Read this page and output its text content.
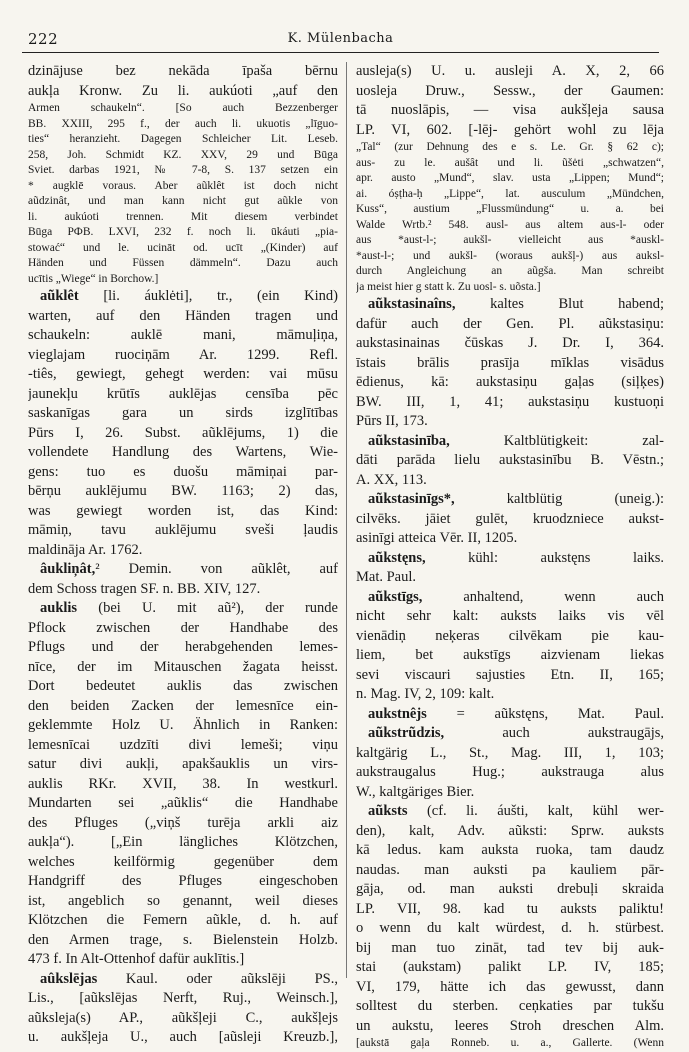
222	K. Mülenbacha
dzinājuse bez nekāda īpaša bērnu
aukļa Kronw. Zu li. aukúoti „auf den
Armen schaukeln“. [So auch Bezzenberger
BB. XXIII, 295 f., der auch li. ukuotis „līguo-
ties“ heranzieht. Dagegen Schleicher Lit. Leseb.
258, Joh. Schmidt KZ. XXV, 29 und Būga
Sviet. darbas 1921, № 7-8, S. 137 setzen ein
* augklē voraus. Aber aũklêt ist doch nicht
aũdzinât, und man kann nicht gut aũkle von
li. aukúoti trennen. Mit diesem verbindet
Būga РФВ. LXVI, 232 f. noch li. ūkáuti „pia-
stować“ und le. ucināt od. ucīt „(Kinder) auf
Händen und Füssen dämmeln“. Dazu auch
ucītis „Wiege“ in Borchow.]
aũklêt [li. áuklėti], tr., (ein Kind)
warten, auf den Händen tragen und
schaukeln: auklē mani, māmuļiņa,
vieglajam ruociņām Ar. 1299. Refl.
-tiês, gewiegt, gehegt werden: vai mūsu
jaunekļu krūtīs auklējas censība pēc
saskanīgas gara un sirds izglītības
Pūrs I, 26. Subst. aũklējums, 1) die
vollendete Handlung des Wartens, Wie-
gens: tuo es duošu māmiņai par-
bērņu auklējumu BW. 1163; 2) das,
was gewiegt worden ist, das Kind:
māmiņ, tavu auklējumu sveši ļaudis
maldināja Ar. 1762.
âukliņât,² Demin. von aũklêt, auf
dem Schoss tragen SF. n. BB. XIV, 127.
auklis (bei U. mit aũ²), der runde
Pflock zwischen der Handhabe des
Pflugs und der herabgehenden lemes-
nīce, der im Mitauschen žagata heisst.
Dort bedeutet auklis das zwischen
den beiden Zacken der lemesnīce ein-
geklemmte Holz U. Ähnlich in Ranken:
lemesnīcai uzdzīti divi lemeši; viņu
satur divi aukļi, apakšauklis un virs-
auklis RKr. XVII, 38. In westkurl.
Mundarten sei „aũklis“ die Handhabe
des Pfluges („viņš turēja arkli aiz
aukļa“). [„Ein längliches Klötzchen,
welches keilförmig gegenüber dem
Handgriff des Pfluges eingeschoben
ist, angeblich so genannt, weil dieses
Klötzchen die Femern aũkle, d. h. auf
den Armen trage, s. Bielenstein Holzb.
473 f. In Alt-Ottenhof dafür auklītis.]
aûkslējas Kaul. oder aũkslēji PS.,
Lis., [aũkslējas Nerft, Ruj., Weinsch.],
aũksleja(s) AP., aũkšļeji C., aukšļejs
u. aukšļeja U., auch [aũsleji Kreuzb.],
ausleja(s) U. u. ausleji A. X, 2, 66
uosleja Druw., Sessw., der Gaumen:
tā nuoslāpis, — visa aukšļeja sausa
LP. VI, 602. [-lēj- gehört wohl zu lēja
„Tal“ (zur Dehnung des e s. Le. Gr. § 62 c);
aus- zu le. aušât und li. ũšėti „schwatzen“,
apr. austo „Mund“, slav. usta „Lippen; Mund“;
ai. óṣṭha-ḥ „Lippe“, lat. ausculum „Mündchen,
Kuss“, austium „Flussmündung“ u. a. bei
Walde Wrtb.² 548. ausl- aus altem aus-l- oder
aus *aust-l-; aukšl- vielleicht aus *auskl-
*aust-l-; und aukšl- (woraus aukšļ-) aus auksl-
durch Angleichung an aũgša. Man schreibt
ja meist hier g statt k. Zu uosl- s. uõsta.]
aũkstasinaîns, kaltes Blut habend;
dafür auch der Gen. Pl. aũkstasiņu:
aukstasinainas čūskas J. Dr. I, 364.
īstais brālis prasīja mīklas visādus
ēdienus, kā: aukstasiņu gaļas (siļķes)
BW. III, 1, 41; aukstasiņu kustuoņi
Pūrs II, 173.
aũkstasinība, Kaltblütigkeit: zal-
dāti parāda lielu aukstasinību B. Vēstn.;
A. XX, 113.
aũkstasinīgs*, kaltblütig (uneig.):
cilvēks. jāiet gulēt, kruodzniece aukst-
asinīgi atteica Vēr. II, 1205.
aũkstęns, kühl: aukstęns laiks.
Mat. Paul.
aũkstīgs, anhaltend, wenn auch
nicht sehr kalt: auksts laiks vis vēl
vienādiņ neķeras cilvēkam pie kau-
liem, bet aukstīgs aizvienam liekas
sevi viscauri sajusties Etn. II, 165;
n. Mag. IV, 2, 109: kalt.
aukstnêjs = aũkstęns, Mat. Paul.
aũkstrũdzis, auch aukstraugājs,
kaltgärig L., St., Mag. III, 1, 103;
aukstraugalus Hug.; aukstrauga alus
W., kaltgäriges Bier.
aũksts (cf. li. áušti, kalt, kühl wer-
den), kalt, Adv. aũksti: Sprw. auksts
kā ledus. kam auksta ruoka, tam daudz
naudas. man auksti pa kauliem pār-
gāja, od. man auksti drebuļi skraida
LP. VII, 98. kad tu auksts paliktu!
o wenn du kalt würdest, d. h. stürbest.
bij man tuo zināt, tad tev bij auk-
stai (aukstam) palikt LP. IV, 185;
VI, 179, hätte ich das gewusst, dann
solltest du sterben. ceņkaties par tukšu
un aukstu, leeres Stroh dreschen Alm.
[aukstā gaļa Ronneb. u. a., Gallerte. (Wenn
